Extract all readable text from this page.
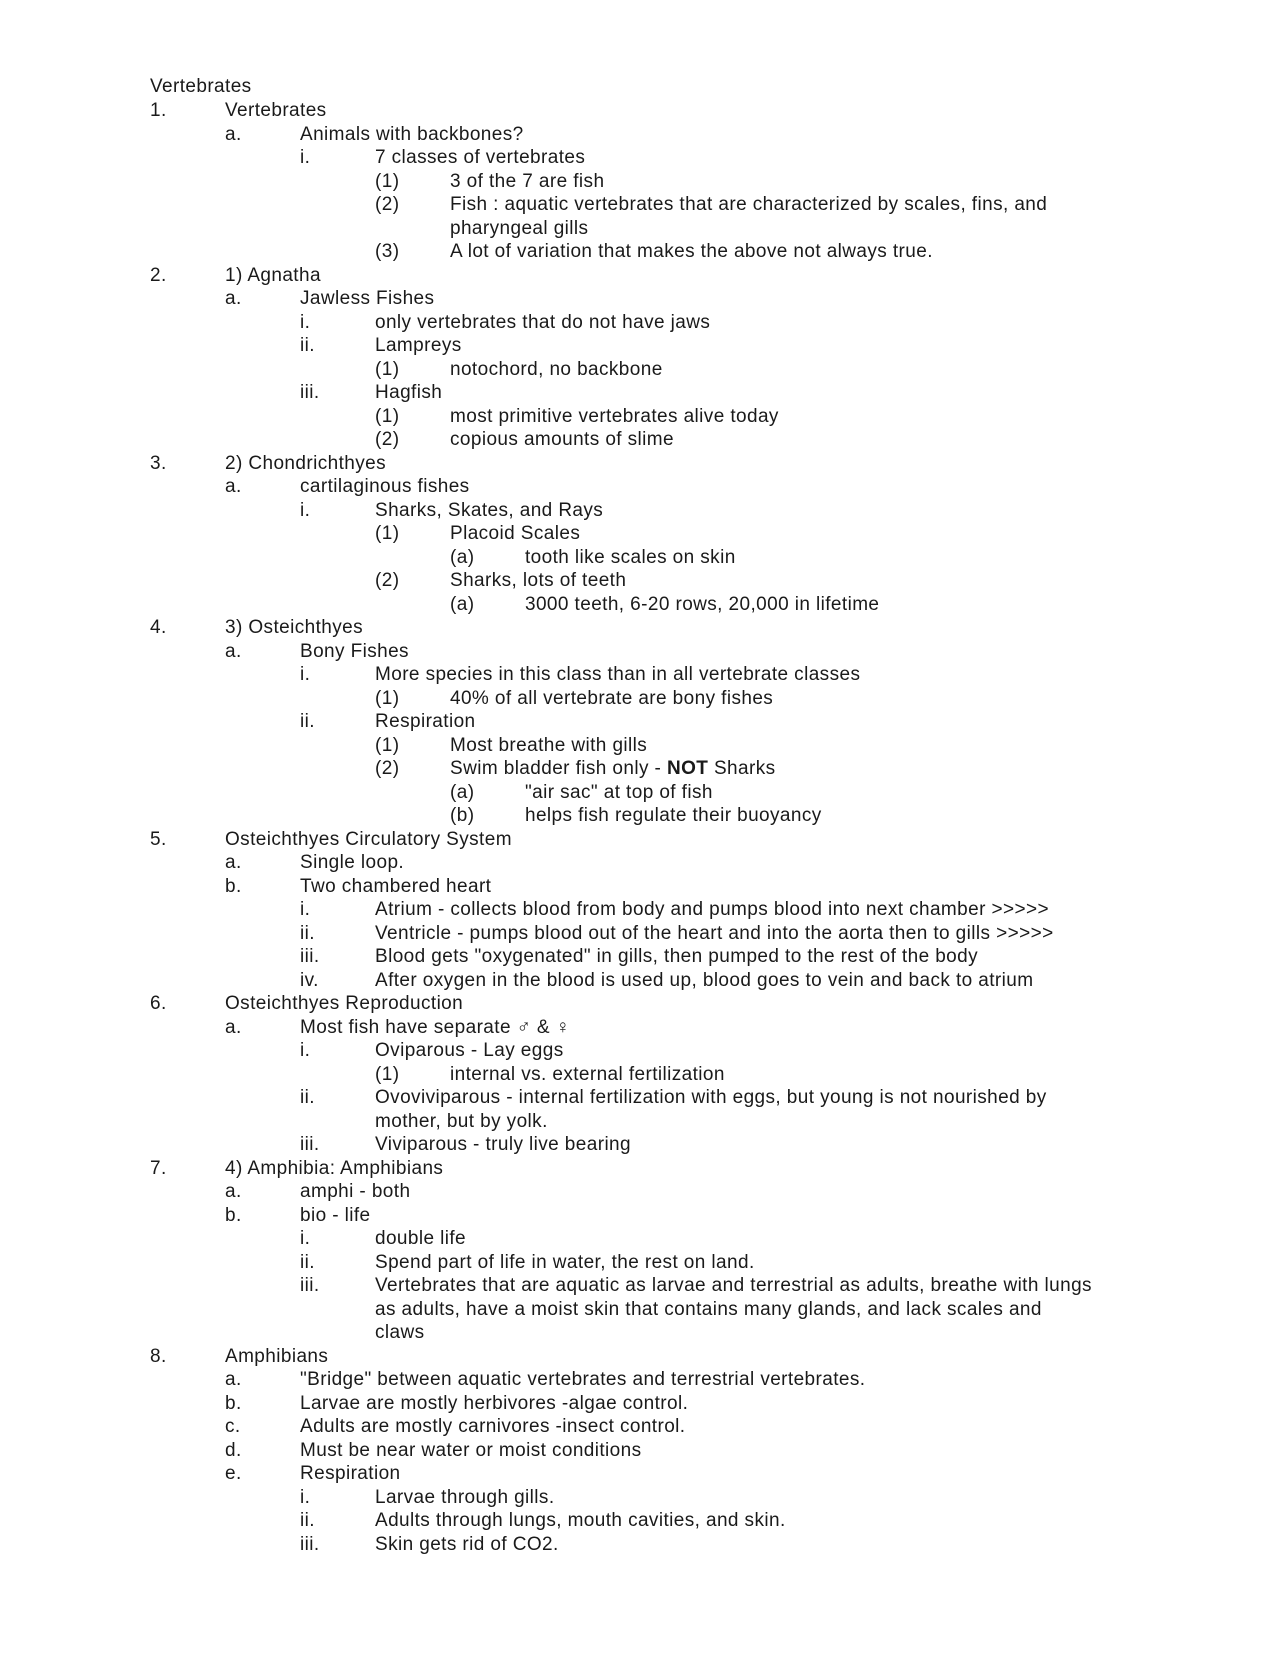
Vertebrates
1.	Vertebrates
a.	Animals with backbones?
i.	7 classes of vertebrates
(1)	3 of the 7 are fish
(2)	Fish : aquatic vertebrates that are characterized by scales, fins, and
pharyngeal gills
(3)	A lot of variation that makes the above not always true.
2.	1) Agnatha
a.	Jawless Fishes
i.	only vertebrates that do not have jaws
ii.	Lampreys
(1)	notochord, no backbone
iii.	Hagfish
(1)	most primitive vertebrates alive today
(2)	copious amounts of slime
3.	2) Chondrichthyes
a.	cartilaginous fishes
i.	Sharks, Skates, and Rays
(1)	Placoid Scales
(a)	tooth like scales on skin
(2)	Sharks, lots of teeth
(a)	3000 teeth, 6-20 rows, 20,000 in lifetime
4.	3) Osteichthyes
a.	Bony Fishes
i.	More species in this class than in all vertebrate classes
(1)	40% of all vertebrate are bony fishes
ii.	Respiration
(1)	Most breathe with gills
(2)	Swim bladder fish only - NOT Sharks
(a)	"air sac" at top of fish
(b)	helps fish regulate their buoyancy
5.	Osteichthyes Circulatory System
a.	Single loop.
b.	Two chambered heart
i.	Atrium - collects blood from body and pumps blood into next chamber >>>>>
ii.	Ventricle - pumps blood out of the heart and into the aorta then to gills >>>>>
iii.	Blood gets "oxygenated" in gills, then pumped to the rest of the body
iv.	After oxygen in the blood is used up, blood goes to vein and back to atrium
6.	Osteichthyes Reproduction
a.	Most fish have separate ♂ & ♀
i.	Oviparous - Lay eggs
(1)	internal vs. external fertilization
ii.	Ovoviviparous - internal fertilization with eggs, but young is not nourished by
mother, but by yolk.
iii.	Viviparous - truly live bearing
7.	4) Amphibia: Amphibians
a.	amphi - both
b.	bio - life
i.	double life
ii.	Spend part of life in water, the rest on land.
iii.	Vertebrates that are aquatic as larvae and terrestrial as adults, breathe with lungs
as adults, have a moist skin that contains many glands, and lack scales and
claws
8.	Amphibians
a.	"Bridge" between aquatic vertebrates and terrestrial vertebrates.
b.	Larvae are mostly herbivores -algae control.
c.	Adults are mostly carnivores -insect control.
d.	Must be near water or moist conditions
e.	Respiration
i.	Larvae through gills.
ii.	Adults through lungs, mouth cavities, and skin.
iii.	Skin gets rid of CO2.
